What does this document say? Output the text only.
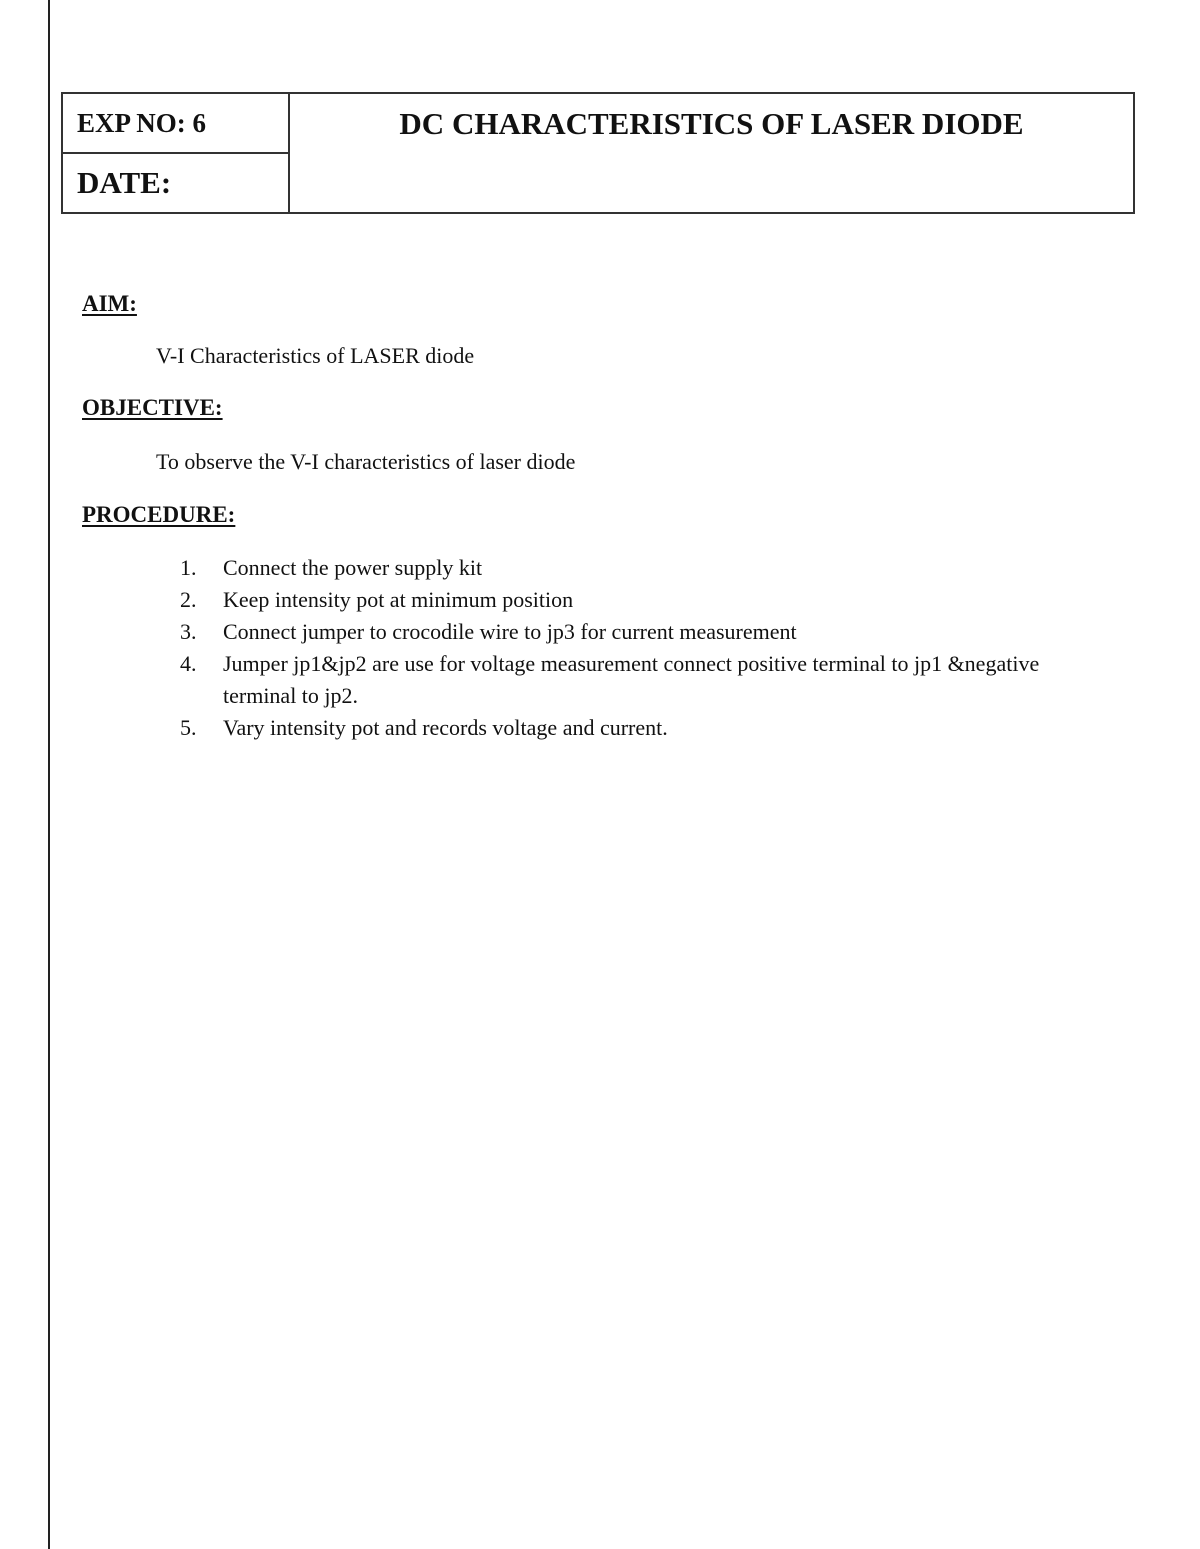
EXP NO: 6	DC CHARACTERISTICS OF LASER DIODE
DATE:
AIM:

V-I Characteristics of LASER diode

OBJECTIVE:

To observe the V-I characteristics of laser diode

PROCEDURE:
1.	Connect the power supply kit
2.	Keep intensity pot at minimum position
3.	Connect jumper to crocodile wire to jp3 for current measurement
4.	Jumper jp1&jp2 are use for voltage measurement connect positive terminal to jp1 &negative terminal to jp2.
5.	Vary intensity pot and records voltage and current.
